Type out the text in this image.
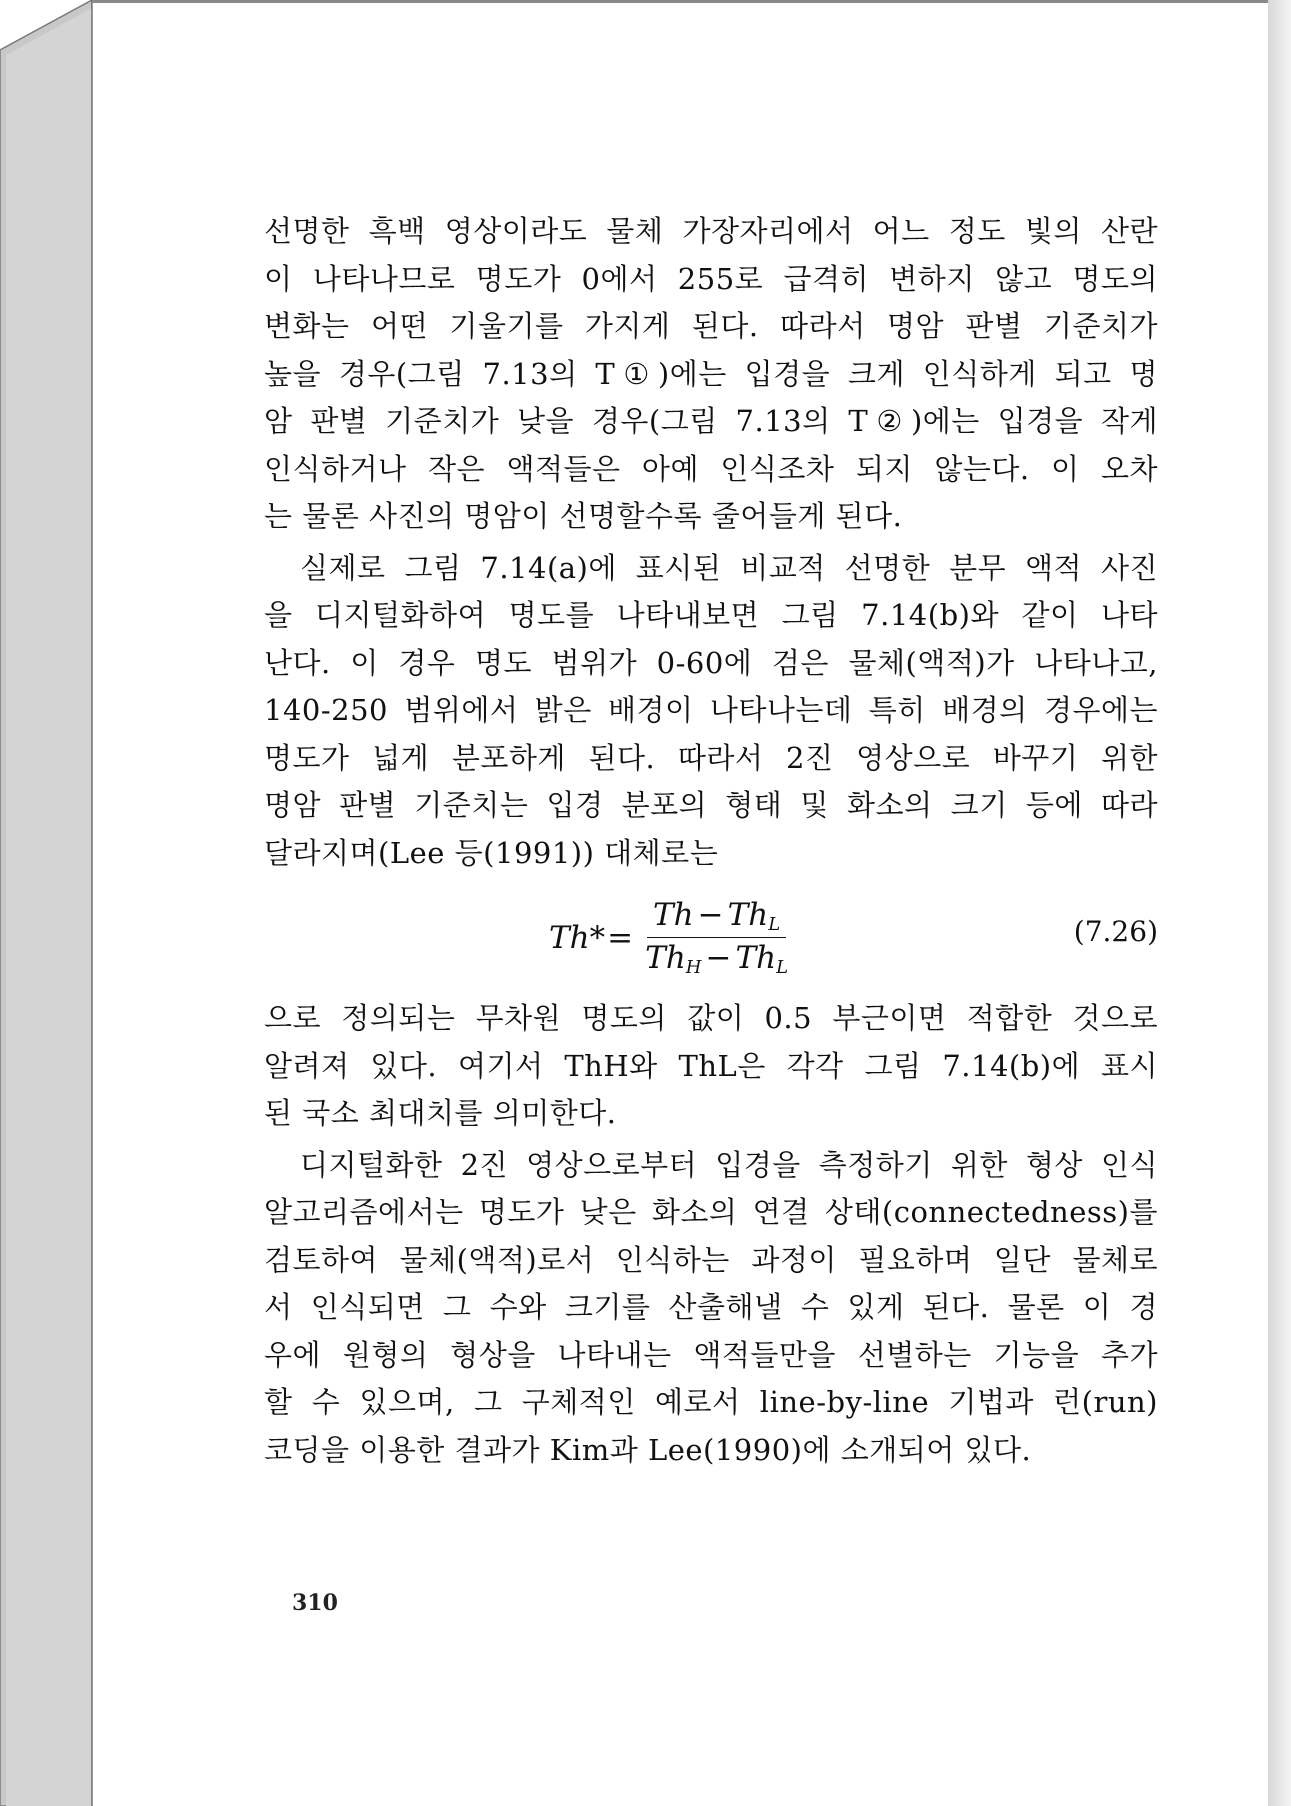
선명한 흑백 영상이라도 물체 가장자리에서 어느 정도 빛의 산란

이 나타나므로 명도가 0에서 255로 급격히 변하지 않고 명도의

변화는 어떤 기울기를 가지게 된다. 따라서 명암 판별 기준치가

높을 경우(그림 7.13의 T①)에는 입경을 크게 인식하게 되고 명

암 판별 기준치가 낮을 경우(그림 7.13의 T②)에는 입경을 작게

인식하거나 작은 액적들은 아예 인식조차 되지 않는다. 이 오차

는 물론 사진의 명암이 선명할수록 줄어들게 된다.

실제로 그림 7.14(a)에 표시된 비교적 선명한 분무 액적 사진

을 디지털화하여 명도를 나타내보면 그림 7.14(b)와 같이 나타

난다. 이 경우 명도 범위가 0-60에 검은 물체(액적)가 나타나고,

140-250 범위에서 밝은 배경이 나타나는데 특히 배경의 경우에는

명도가 넓게 분포하게 된다. 따라서 2진 영상으로 바꾸기 위한

명암 판별 기준치는 입경 분포의 형태 및 화소의 크기 등에 따라

달라지며(Lee 등(1991)) 대체로는

$Th* = \frac{Th - Th_L}{Th_H - Th_L}$	(7.26)

으로 정의되는 무차원 명도의 값이 0.5 부근이면 적합한 것으로

알려져 있다. 여기서 ThH와 ThL은 각각 그림 7.14(b)에 표시

된 국소 최대치를 의미한다.

디지털화한 2진 영상으로부터 입경을 측정하기 위한 형상 인식

알고리즘에서는 명도가 낮은 화소의 연결 상태(connectedness)를

검토하여 물체(액적)로서 인식하는 과정이 필요하며 일단 물체로

서 인식되면 그 수와 크기를 산출해낼 수 있게 된다. 물론 이 경

우에 원형의 형상을 나타내는 액적들만을 선별하는 기능을 추가

할 수 있으며, 그 구체적인 예로서 line-by-line 기법과 런(run)

코딩을 이용한 결과가 Kim과 Lee(1990)에 소개되어 있다.

310
